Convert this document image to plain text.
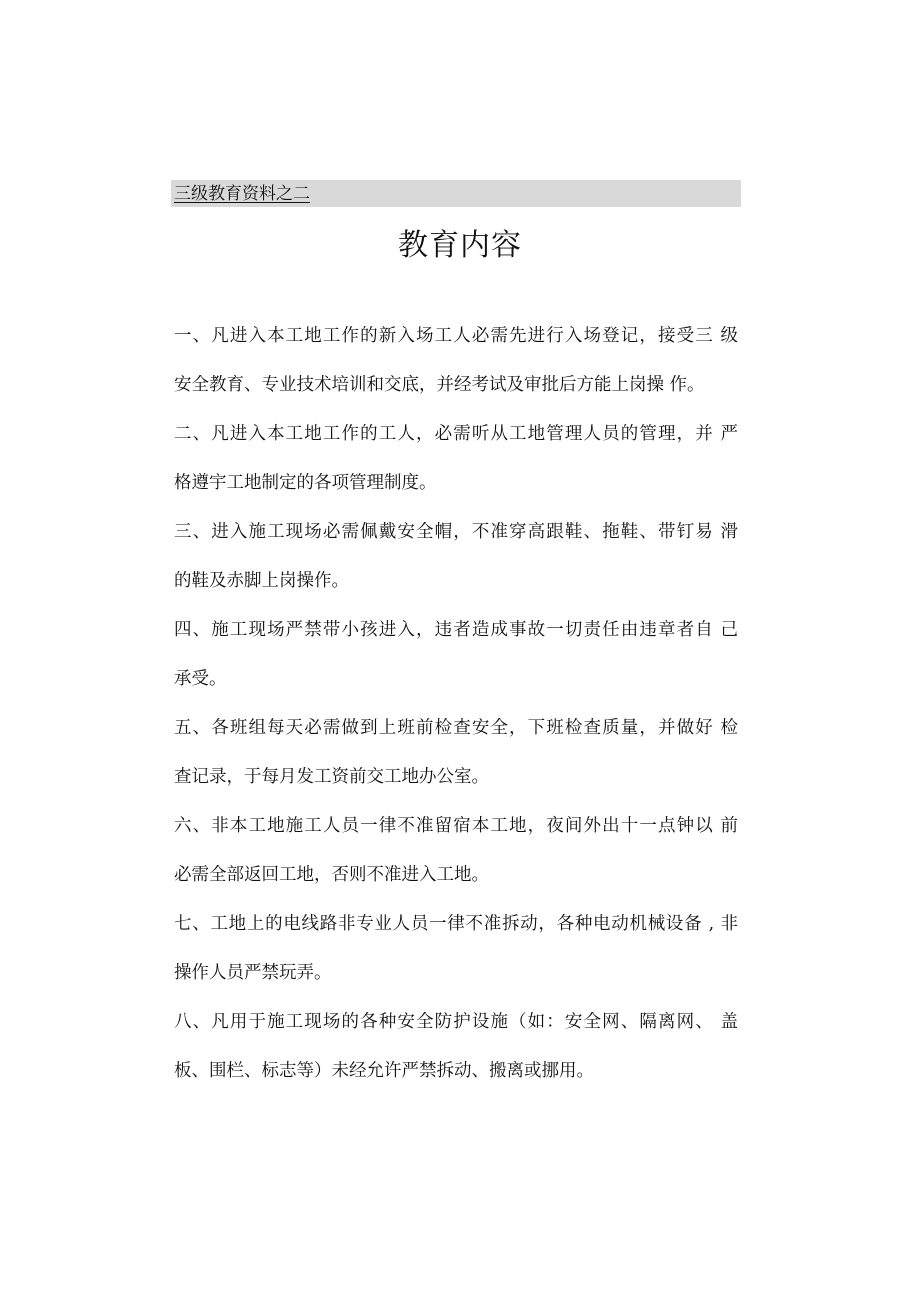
三级教育资料之二
教育内容
一、凡进入本工地工作的新入场工人必需先进行入场登记，接受三 级
安全教育、专业技术培训和交底，并经考试及审批后方能上岗操 作。
二、凡进入本工地工作的工人，必需听从工地管理人员的管理，并 严
格遵宇工地制定的各项管理制度。
三、进入施工现场必需佩戴安全帽，不准穿高跟鞋、拖鞋、带钉易 滑
的鞋及赤脚上岗操作。
四、施工现场严禁带小孩进入，违者造成事故一切责任由违章者自 己
承受。
五、各班组每天必需做到上班前检查安全，下班检查质量，并做好 检
查记录，于每月发工资前交工地办公室。
六、非本工地施工人员一律不准留宿本工地，夜间外出十一点钟以 前
必需全部返回工地，否则不准进入工地。
七、工地上的电线路非专业人员一律不准拆动，各种电动机械设备 , 非
操作人员严禁玩弄。
八、凡用于施工现场的各种安全防护设施（如：安全网、隔离网、 盖
板、围栏、标志等）未经允许严禁拆动、搬离或挪用。
